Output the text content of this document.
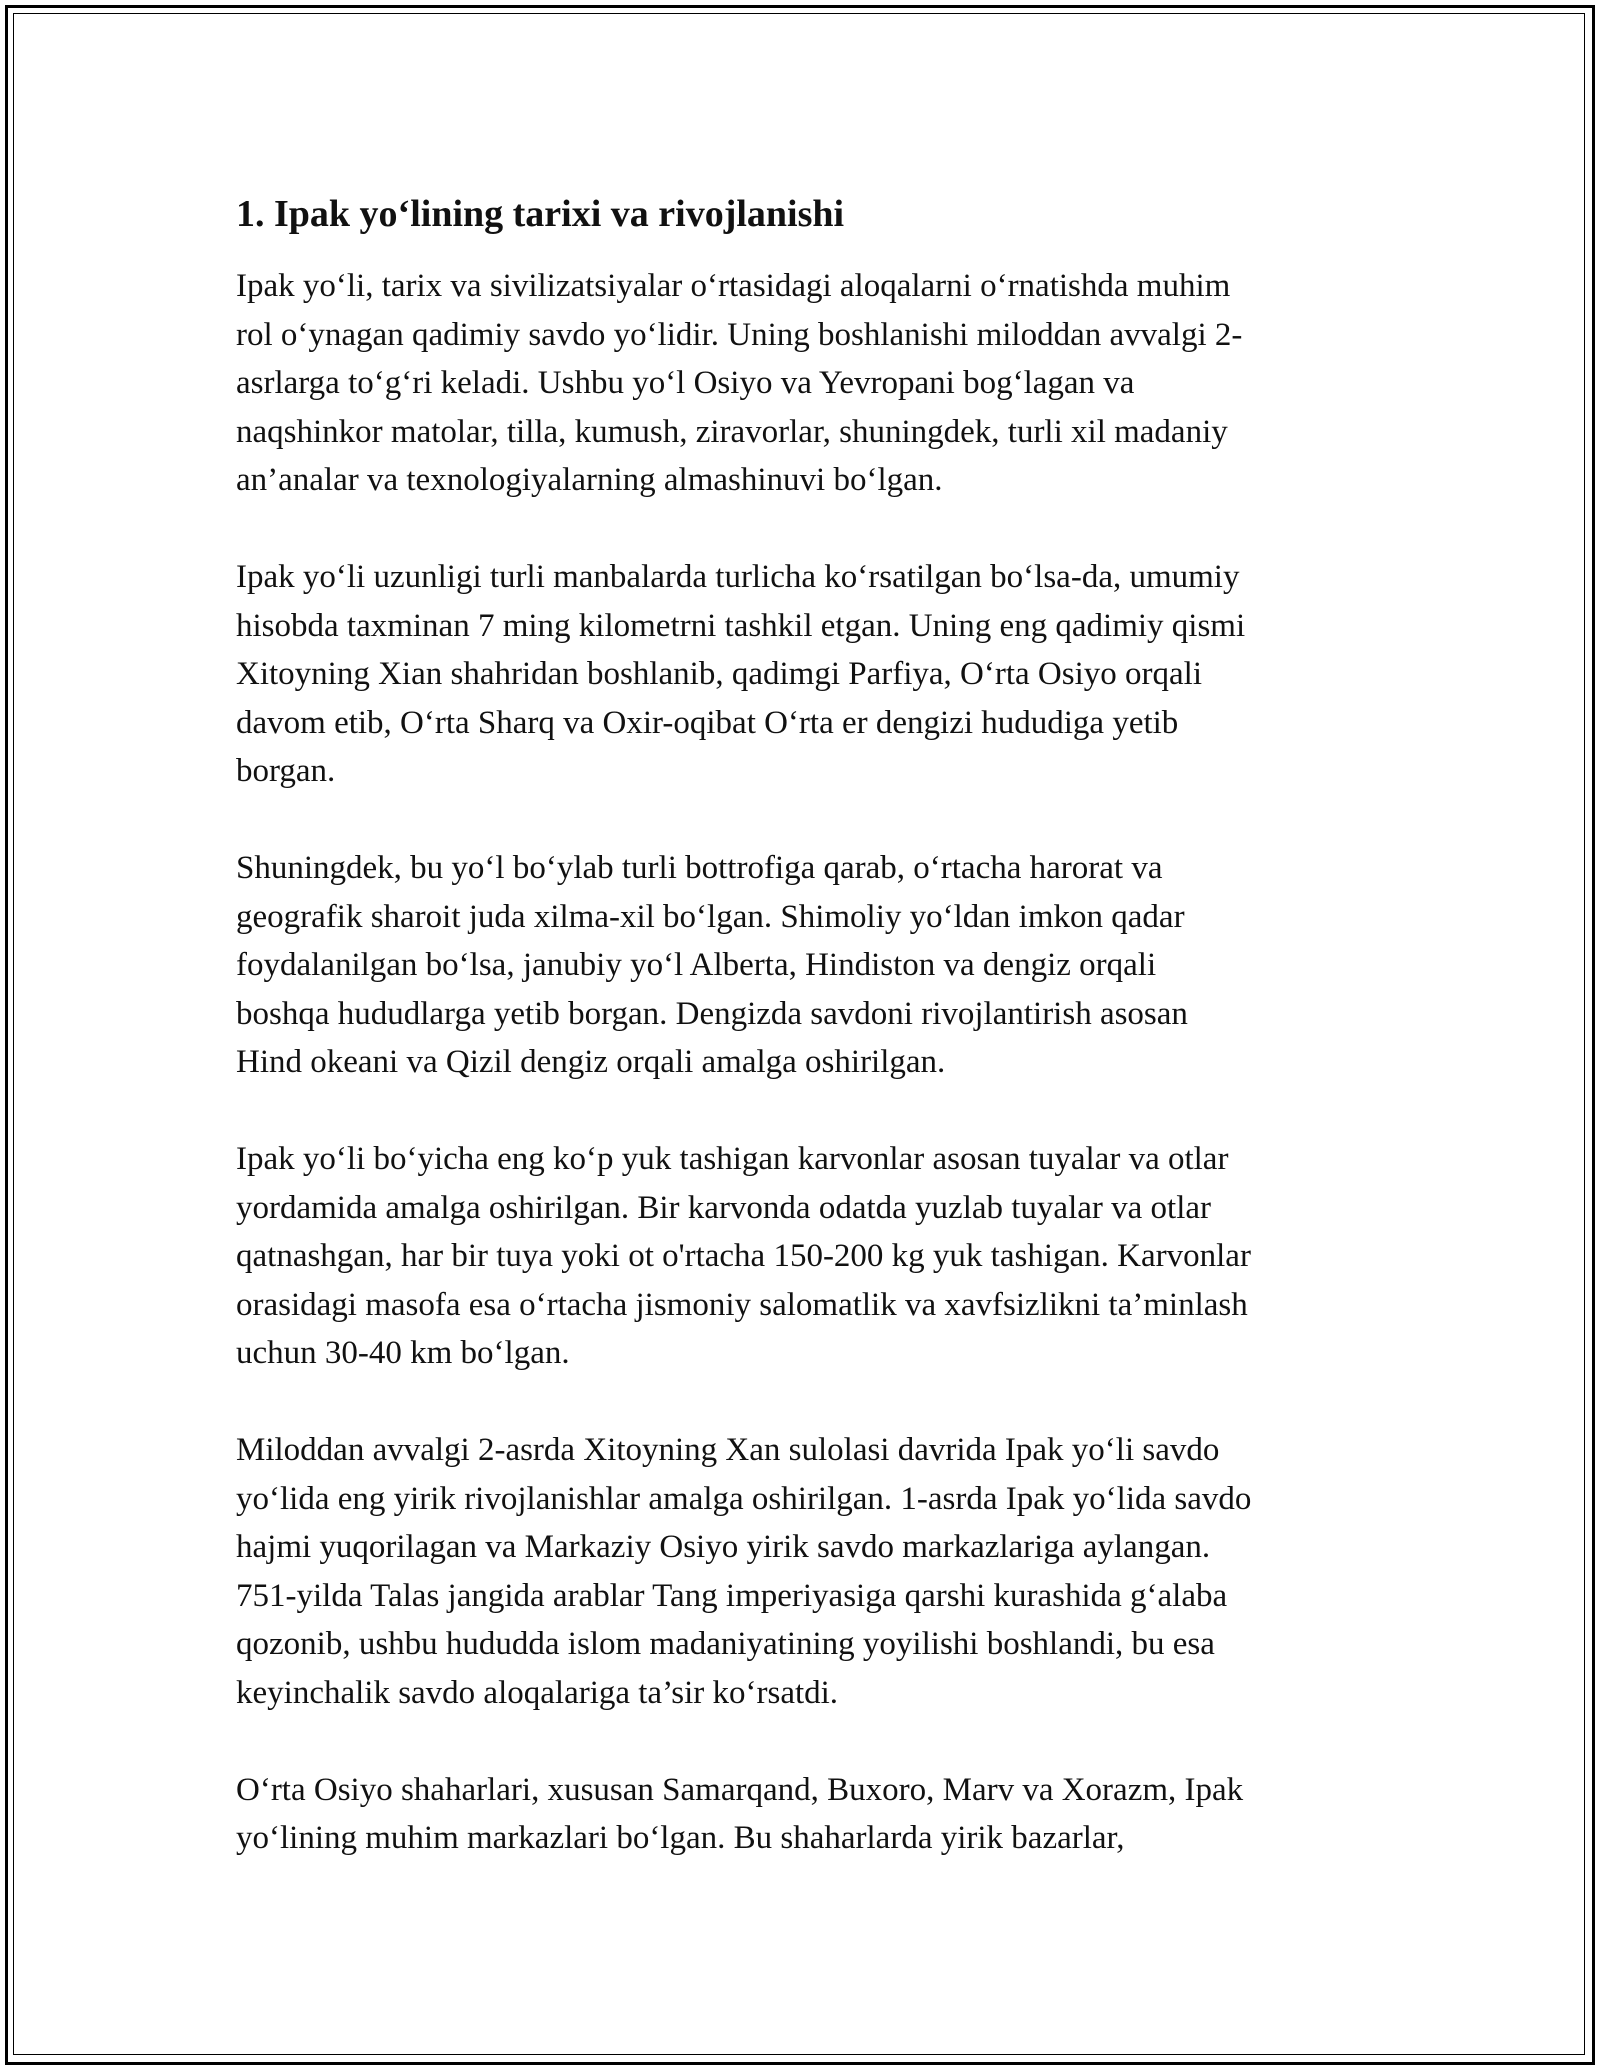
1. Ipak yo‘lining tarixi va rivojlanishi
Ipak yo‘li, tarix va sivilizatsiyalar o‘rtasidagi aloqalarni o‘rnatishda muhim
rol o‘ynagan qadimiy savdo yo‘lidir. Uning boshlanishi miloddan avvalgi 2-
asrlarga to‘g‘ri keladi. Ushbu yo‘l Osiyo va Yevropani bog‘lagan va
naqshinkor matolar, tilla, kumush, ziravorlar, shuningdek, turli xil madaniy
an’analar va texnologiyalarning almashinuvi bo‘lgan.
Ipak yo‘li uzunligi turli manbalarda turlicha ko‘rsatilgan bo‘lsa-da, umumiy
hisobda taxminan 7 ming kilometrni tashkil etgan. Uning eng qadimiy qismi
Xitoyning Xian shahridan boshlanib, qadimgi Parfiya, O‘rta Osiyo orqali
davom etib, O‘rta Sharq va Oxir-oqibat O‘rta er dengizi hududiga yetib
borgan.
Shuningdek, bu yo‘l bo‘ylab turli bottrofiga qarab, o‘rtacha harorat va
geografik sharoit juda xilma-xil bo‘lgan. Shimoliy yo‘ldan imkon qadar
foydalanilgan bo‘lsa, janubiy yo‘l Alberta, Hindiston va dengiz orqali
boshqa hududlarga yetib borgan. Dengizda savdoni rivojlantirish asosan
Hind okeani va Qizil dengiz orqali amalga oshirilgan.
Ipak yo‘li bo‘yicha eng ko‘p yuk tashigan karvonlar asosan tuyalar va otlar
yordamida amalga oshirilgan. Bir karvonda odatda yuzlab tuyalar va otlar
qatnashgan, har bir tuya yoki ot o'rtacha 150-200 kg yuk tashigan. Karvonlar
orasidagi masofa esa o‘rtacha jismoniy salomatlik va xavfsizlikni ta’minlash
uchun 30-40 km bo‘lgan.
Miloddan avvalgi 2-asrda Xitoyning Xan sulolasi davrida Ipak yo‘li savdo
yo‘lida eng yirik rivojlanishlar amalga oshirilgan. 1-asrda Ipak yo‘lida savdo
hajmi yuqorilagan va Markaziy Osiyo yirik savdo markazlariga aylangan.
751-yilda Talas jangida arablar Tang imperiyasiga qarshi kurashida g‘alaba
qozonib, ushbu hududda islom madaniyatining yoyilishi boshlandi, bu esa
keyinchalik savdo aloqalariga ta’sir ko‘rsatdi.
O‘rta Osiyo shaharlari, xususan Samarqand, Buxoro, Marv va Xorazm, Ipak
yo‘lining muhim markazlari bo‘lgan. Bu shaharlarda yirik bazarlar,
